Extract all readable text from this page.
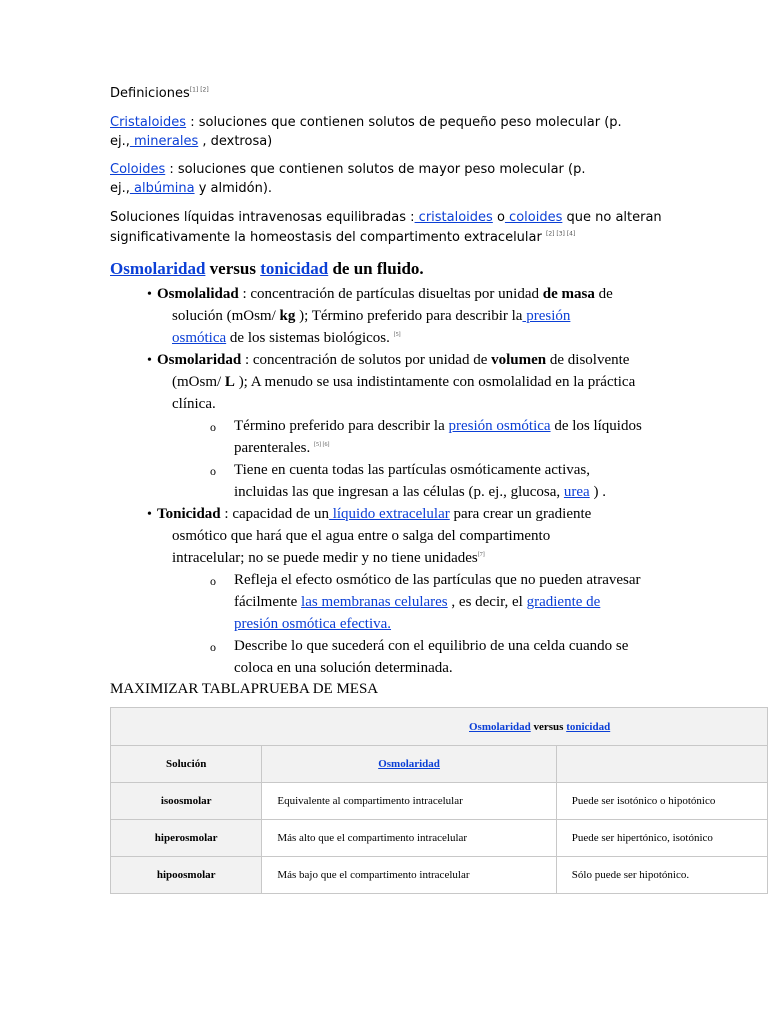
Definiciones[1] [2]
Cristaloides : soluciones que contienen solutos de pequeño peso molecular (p.
ej., minerales , dextrosa)
Coloides : soluciones que contienen solutos de mayor peso molecular (p.
ej., albúmina y almidón).
Soluciones líquidas intravenosas equilibradas : cristaloides o coloides que no alteran
significativamente la homeostasis del compartimento extracelular [2] [3] [4]
Osmolaridad versus tonicidad de un fluido.
• Osmolalidad : concentración de partículas disueltas por unidad de masa de
solución (mOsm/ kg ); Término preferido para describir la presión
osmótica de los sistemas biológicos. [5]
• Osmolaridad : concentración de solutos por unidad de volumen de disolvente
(mOsm/ L ); A menudo se usa indistintamente con osmolalidad en la práctica
clínica.
o Término preferido para describir la presión osmótica de los líquidos
parenterales. [5] [6]
o Tiene en cuenta todas las partículas osmóticamente activas,
incluidas las que ingresan a las células (p. ej., glucosa, urea ) .
• Tonicidad : capacidad de un líquido extracelular para crear un gradiente
osmótico que hará que el agua entre o salga del compartimento
intracelular; no se puede medir y no tiene unidades[7]
o Refleja el efecto osmótico de las partículas que no pueden atravesar
fácilmente las membranas celulares , es decir, el gradiente de
presión osmótica efectiva.
o Describe lo que sucederá con el equilibrio de una celda cuando se
coloca en una solución determinada.
MAXIMIZAR TABLAPRUEBA DE MESA
Osmolaridad versus tonicidad		
Solución	Osmolaridad	
isoosmolar	Equivalente al compartimento intracelular	Puede ser isotónico o hipotónico
hiperosmolar	Más alto que el compartimento intracelular	Puede ser hipertónico, isotónico
hipoosmolar	Más bajo que el compartimento intracelular	Sólo puede ser hipotónico.
